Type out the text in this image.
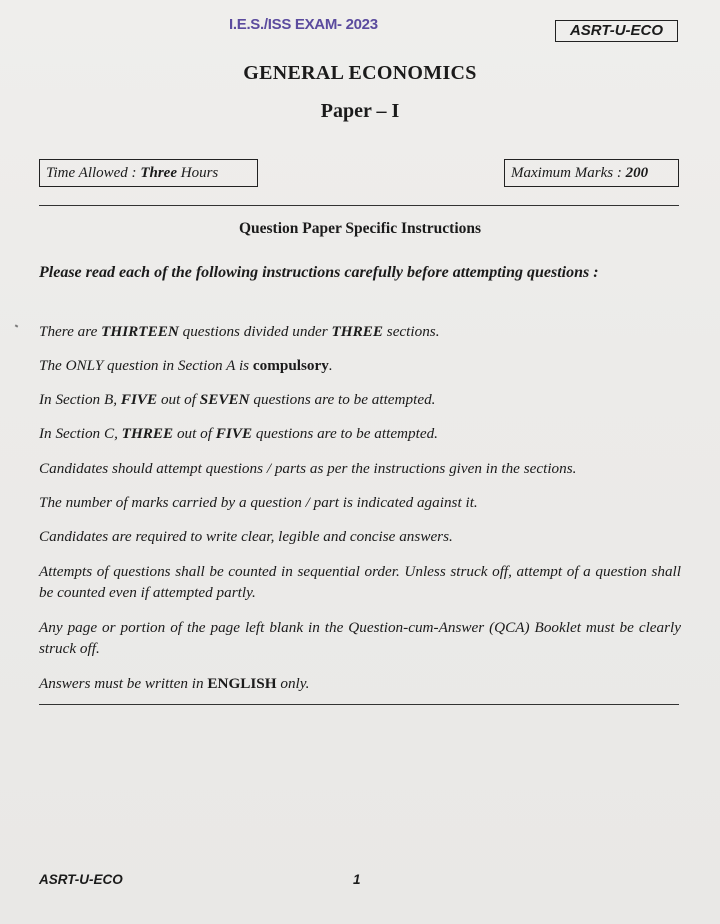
I.E.S./ISS EXAM- 2023	ASRT-U-ECO
GENERAL ECONOMICS
Paper – I
Time Allowed : Three Hours	Maximum Marks : 200
Question Paper Specific Instructions
Please read each of the following instructions carefully before attempting questions :
There are THIRTEEN questions divided under THREE sections.
The ONLY question in Section A is compulsory.
In Section B, FIVE out of SEVEN questions are to be attempted.
In Section C, THREE out of FIVE questions are to be attempted.
Candidates should attempt questions / parts as per the instructions given in the sections.
The number of marks carried by a question / part is indicated against it.
Candidates are required to write clear, legible and concise answers.
Attempts of questions shall be counted in sequential order. Unless struck off, attempt of a question shall be counted even if attempted partly.
Any page or portion of the page left blank in the Question-cum-Answer (QCA) Booklet must be clearly struck off.
Answers must be written in ENGLISH only.
ASRT-U-ECO	1
